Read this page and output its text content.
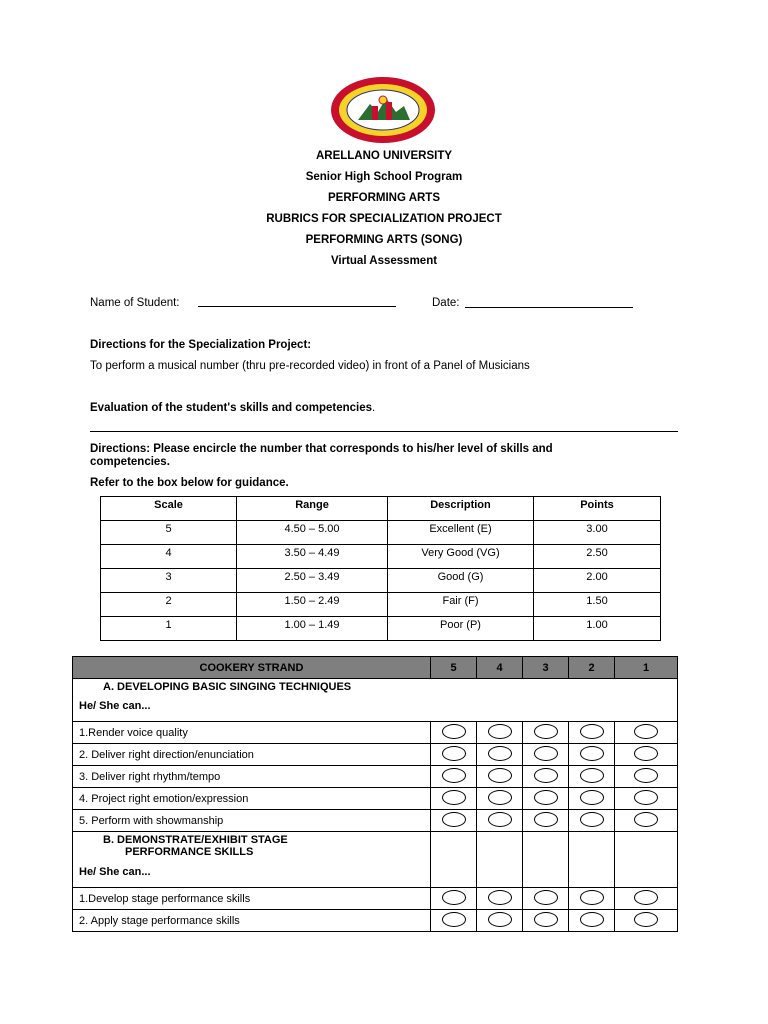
ARELLANO UNIVERSITY
Senior High School Program
PERFORMING ARTS
RUBRICS FOR SPECIALIZATION PROJECT
PERFORMING ARTS (SONG)
Virtual Assessment
Name of Student:	Date:
Directions for the Specialization Project:
To perform a musical number (thru pre-recorded video) in front of a Panel of Musicians
Evaluation of the student's skills and competencies.
Directions: Please encircle the number that corresponds to his/her level of skills and
competencies.
Refer to the box below for guidance.
Scale	Range	Description	Points
5	4.50 – 5.00	Excellent (E)	3.00
4	3.50 – 4.49	Very Good (VG)	2.50
3	2.50 – 3.49	Good (G)	2.00
2	1.50 – 2.49	Fair (F)	1.50
1	1.00 – 1.49	Poor (P)	1.00
COOKERY STRAND	5	4	3	2	1

A. DEVELOPING BASIC SINGING TECHNIQUES
He/ She can...					

1.Render voice quality					
2. Deliver right direction/enunciation					
3. Deliver right rhythm/tempo					
4. Project right emotion/expression					
5. Perform with showmanship					

B. DEMONSTRATE/EXHIBIT STAGE
PERFORMANCE SKILLS
He/ She can...					

1.Develop stage performance skills					
2. Apply stage performance skills					
